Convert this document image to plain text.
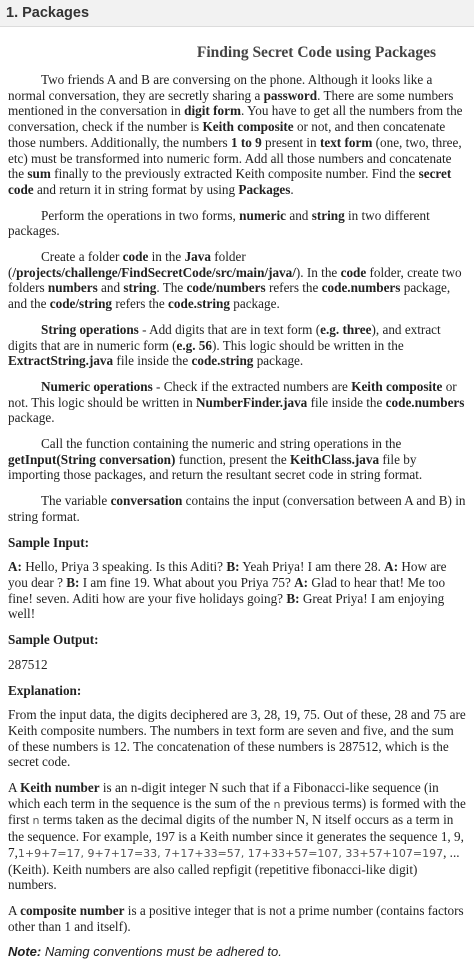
1. Packages
Finding Secret Code using Packages

Two friends A and B are conversing on the phone. Although it looks like a normal conversation, they are secretly sharing a password. There are some numbers mentioned in the conversation in digit form. You have to get all the numbers from the conversation, check if the number is Keith composite or not, and then concatenate those numbers. Additionally, the numbers 1 to 9 present in text form (one, two, three, etc) must be transformed into numeric form. Add all those numbers and concatenate the sum finally to the previously extracted Keith composite number. Find the secret code and return it in string format by using Packages.

Perform the operations in two forms, numeric and string in two different packages.

Create a folder code in the Java folder (/projects/challenge/FindSecretCode/src/main/java/). In the code folder, create two folders numbers and string. The code/numbers refers the code.numbers package, and the code/string refers the code.string package.

String operations - Add digits that are in text form (e.g. three), and extract digits that are in numeric form (e.g. 56). This logic should be written in the ExtractString.java file inside the code.string package.

Numeric operations - Check if the extracted numbers are Keith composite or not. This logic should be written in NumberFinder.java file inside the code.numbers package.

Call the function containing the numeric and string operations in the getInput(String conversation) function, present the KeithClass.java file by importing those packages, and return the resultant secret code in string format.

The variable conversation contains the input (conversation between A and B) in string format.

Sample Input:

A: Hello, Priya 3 speaking. Is this Aditi? B: Yeah Priya! I am there 28. A: How are you dear ? B: I am fine 19. What about you Priya 75? A: Glad to hear that! Me too fine! seven. Aditi how are your five holidays going? B: Great Priya! I am enjoying well!

Sample Output:

287512

Explanation:

From the input data, the digits deciphered are 3, 28, 19, 75. Out of these, 28 and 75 are Keith composite numbers. The numbers in text form are seven and five, and the sum of these numbers is 12. The concatenation of these numbers is 287512, which is the secret code.

A Keith number is an n-digit integer N such that if a Fibonacci-like sequence (in which each term in the sequence is the sum of the n previous terms) is formed with the first n terms taken as the decimal digits of the number N, N itself occurs as a term in the sequence. For example, 197 is a Keith number since it generates the sequence 1, 9, 7,1+9+7=17, 9+7+17=33, 7+17+33=57, 17+33+57=107, 33+57+107=197, ... (Keith). Keith numbers are also called repfigit (repetitive fibonacci-like digit) numbers.

A composite number is a positive integer that is not a prime number (contains factors other than 1 and itself).

Note: Naming conventions must be adhered to.
